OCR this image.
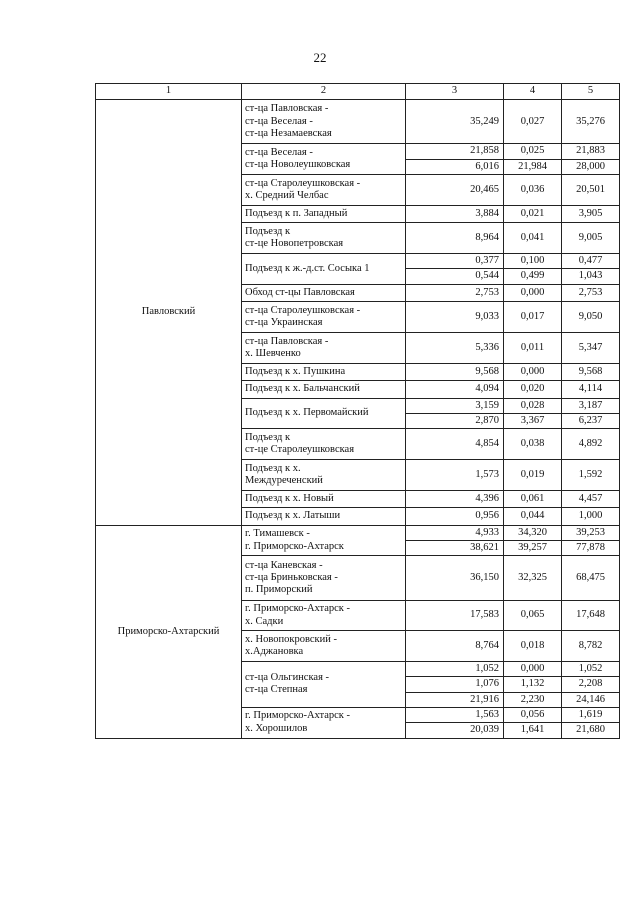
22
1	2	3	4	5
Павловский	ст-ца Павловская -
ст-ца Веселая -
ст-ца Незамаевская	35,249	0,027	35,276
	ст-ца Веселая -
ст-ца Новолеушковская	21,858	0,025	21,883
		6,016	21,984	28,000
	ст-ца Старолеушковская -
х. Средний Челбас	20,465	0,036	20,501
	Подъезд к п. Западный	3,884	0,021	3,905
	Подъезд к
ст-це Новопетровская	8,964	0,041	9,005
	Подъезд к ж.-д.ст. Сосыка 1	0,377	0,100	0,477
		0,544	0,499	1,043
	Обход ст-цы Павловская	2,753	0,000	2,753
	ст-ца Старолеушковская -
ст-ца Украинская	9,033	0,017	9,050
	ст-ца Павловская -
х. Шевченко	5,336	0,011	5,347
	Подъезд к х. Пушкина	9,568	0,000	9,568
	Подъезд к х. Бальчанский	4,094	0,020	4,114
	Подъезд к х. Первомайский	3,159	0,028	3,187
		2,870	3,367	6,237
	Подъезд к
ст-це Старолеушковская	4,854	0,038	4,892
	Подъезд к х.
Междуреченский	1,573	0,019	1,592
	Подъезд к х. Новый	4,396	0,061	4,457
	Подъезд к х. Латыши	0,956	0,044	1,000
Приморско-Ахтарский	г. Тимашевск -
г. Приморско-Ахтарск	4,933	34,320	39,253
		38,621	39,257	77,878
	ст-ца Каневская -
ст-ца Бриньковская -
п. Приморский	36,150	32,325	68,475
	г. Приморско-Ахтарск -
х. Садки	17,583	0,065	17,648
	х. Новопокровский -
х.Аджановка	8,764	0,018	8,782
	ст-ца Ольгинская -
ст-ца Степная	1,052	0,000	1,052
		1,076	1,132	2,208
		21,916	2,230	24,146
	г. Приморско-Ахтарск -
х. Хорошилов	1,563	0,056	1,619
		20,039	1,641	21,680
